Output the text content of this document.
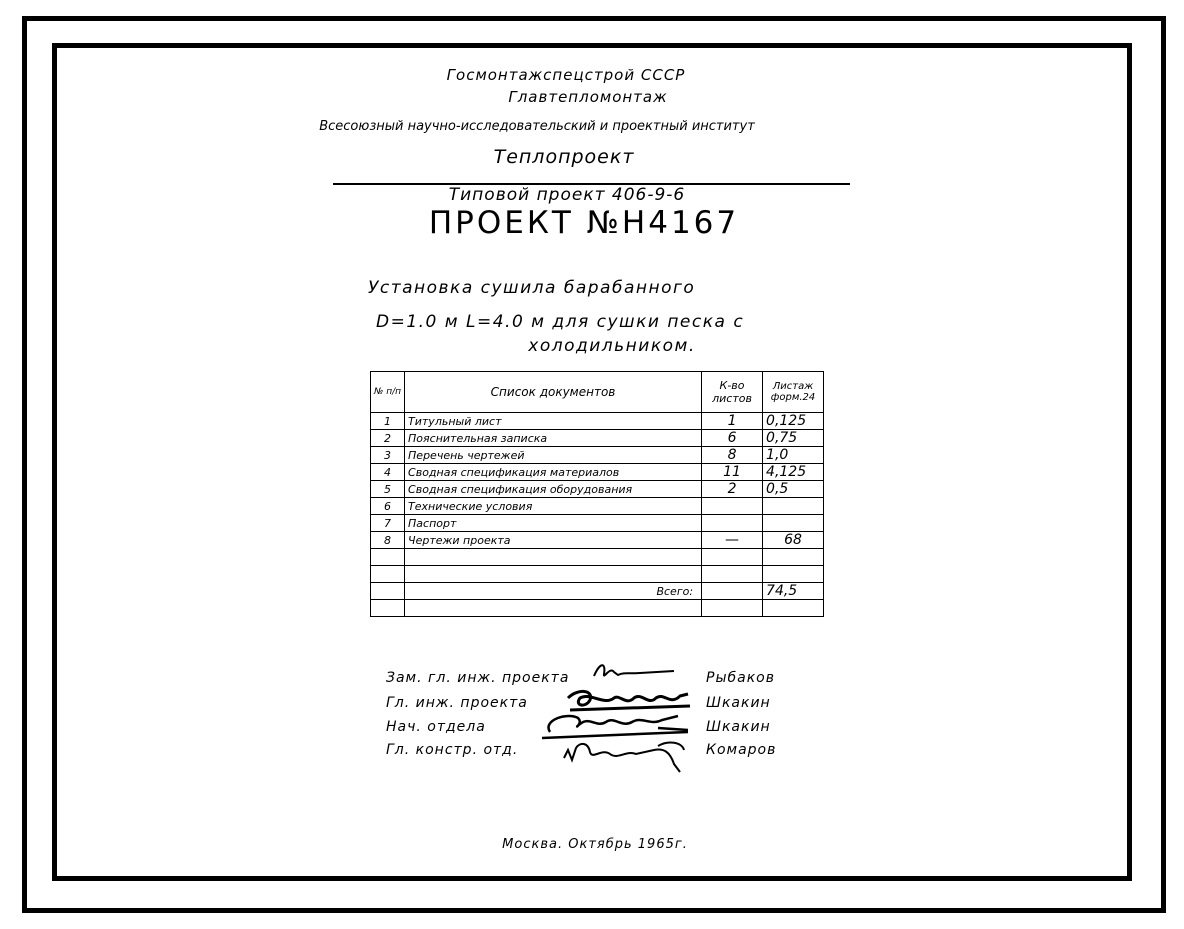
Госмонтажспецстрой СССР
Главтепломонтаж
Всесоюзный научно-исследовательский и проектный институт
Теплопроект
Типовой проект 406-9-6
ПРОЕКТ №Н4167
Установка сушила барабанного
D=1.0 м L=4.0 м для сушки песка с
холодильником.
№ п/п	Список документов	К-во листов	Листаж форм.24
1	Титульный лист	1	0,125
2	Пояснительная записка	6	0,75
3	Перечень чертежей	8	1,0
4	Сводная спецификация материалов	11	4,125
5	Сводная спецификация оборудования	2	0,5
6	Технические условия		
7	Паспорт		
8	Чертежи проекта	—	68

	Всего:		74,5

Зам. гл. инж. проекта	Рыбаков
Гл. инж. проекта	Шкакин
Нач. отдела	Шкакин
Гл. констр. отд.	Комаров
Москва. Октябрь 1965г.
